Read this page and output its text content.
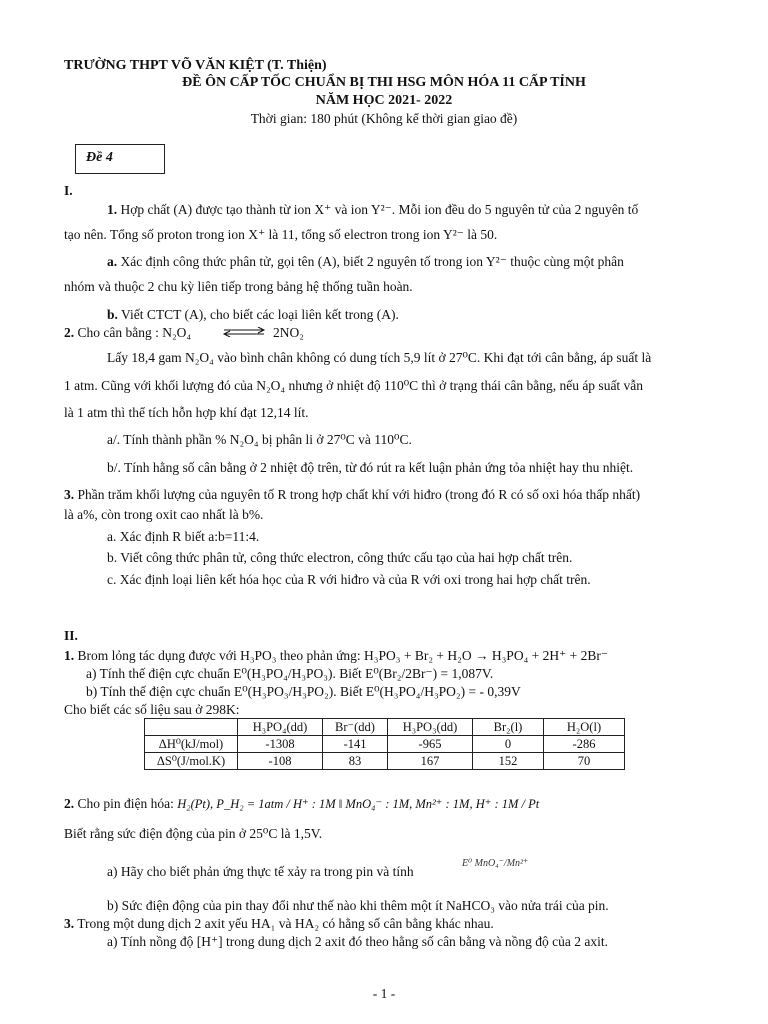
TRƯỜNG THPT VÕ VĂN KIỆT (T. Thiện)
ĐỀ ÔN CẤP TỐC CHUẨN BỊ THI HSG MÔN HÓA 11 CẤP TỈNH
NĂM HỌC 2021- 2022
Thời gian: 180 phút (Không kể thời gian giao đề)
Đề 4
I.
1. Hợp chất (A) được tạo thành từ ion X⁺ và ion Y²⁻. Mỗi ion đều do 5 nguyên tử của 2 nguyên tố
tạo nên. Tổng số proton trong ion X⁺ là 11, tổng số electron trong ion Y²⁻ là 50.
a. Xác định công thức phân tử, gọi tên (A), biết 2 nguyên tố trong ion Y²⁻ thuộc cùng một phân
nhóm và thuộc 2 chu kỳ liên tiếp trong bảng hệ thống tuần hoàn.
b. Viết CTCT (A), cho biết các loại liên kết trong (A).
2. Cho cân bằng : N₂O₄ ⇌ 2NO₂
Lấy 18,4 gam N₂O₄ vào bình chân không có dung tích 5,9 lít ở 27⁰C. Khi đạt tới cân bằng, áp suất là
1 atm. Cũng với khối lượng đó của N₂O₄ nhưng ở nhiệt độ 110⁰C thì ở trạng thái cân bằng, nếu áp suất vẫn
là 1 atm thì thể tích hỗn hợp khí đạt 12,14 lít.
a/. Tính thành phần % N₂O₄ bị phân li ở 27⁰C và 110⁰C.
b/. Tính hằng số cân bằng ở 2 nhiệt độ trên, từ đó rút ra kết luận phản ứng tỏa nhiệt hay thu nhiệt.
3. Phần trăm khối lượng của nguyên tố R trong hợp chất khí với hiđro (trong đó R có số oxi hóa thấp nhất)
là a%, còn trong oxit cao nhất là b%.
a. Xác định R biết a:b=11:4.
b. Viết công thức phân tử, công thức electron, công thức cấu tạo của hai hợp chất trên.
c. Xác định loại liên kết hóa học của R với hiđro và của R với oxi trong hai hợp chất trên.
II.
1. Brom lỏng tác dụng được với H₃PO₃ theo phản ứng: H₃PO₃ + Br₂ + H₂O → H₃PO₄ + 2H⁺ + 2Br⁻
a) Tính thế điện cực chuẩn E⁰(H₃PO₄/H₃PO₃). Biết E⁰(Br₂/2Br⁻) = 1,087V.
b) Tính thế điện cực chuẩn E⁰(H₃PO₃/H₃PO₂). Biết E⁰(H₃PO₄/H₃PO₂) = - 0,39V
Cho biết các số liệu sau ở 298K:
	H₃PO₄(dd)	Br⁻(dd)	H₃PO₃(dd)	Br₂(l)	H₂O(l)
ΔH⁰(kJ/mol)	-1308	-141	-965	0	-286
ΔS⁰(J/mol.K)	-108	83	167	152	70
2. Cho pin điện hóa: H₂(Pt), P_H₂ = 1atm / H⁺ : 1M ‖ MnO₄⁻ : 1M, Mn²⁺ : 1M, H⁺ : 1M / Pt
Biết rằng sức điện động của pin ở 25⁰C là 1,5V.
a) Hãy cho biết phản ứng thực tế xảy ra trong pin và tính
E⁰ MnO₄⁻/Mn²⁺
b) Sức điện động của pin thay đổi như thế nào khi thêm một ít NaHCO₃ vào nửa trái của pin.
3. Trong một dung dịch 2 axit yếu HA₁ và HA₂ có hằng số cân bằng khác nhau.
a) Tính nồng độ [H⁺] trong dung dịch 2 axit đó theo hằng số cân bằng và nồng độ của 2 axit.
- 1 -
